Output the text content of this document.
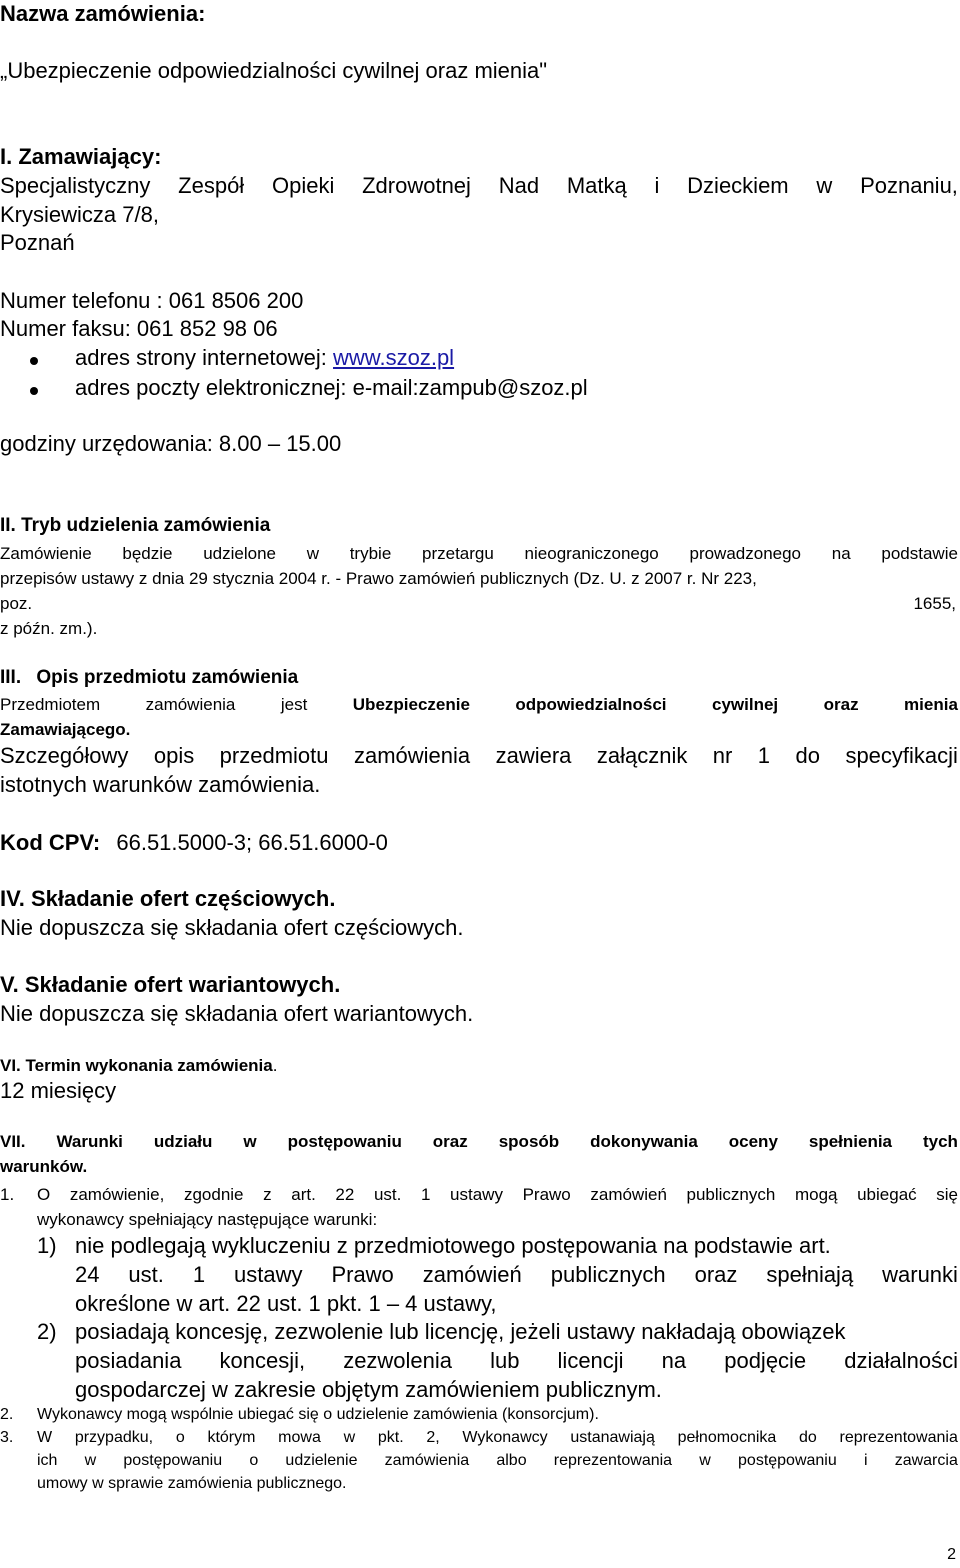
Nazwa zamówienia:
„Ubezpieczenie odpowiedzialności cywilnej oraz mienia"
I. Zamawiający:
Specjalistyczny Zespół Opieki Zdrowotnej Nad Matką i Dzieckiem w Poznaniu,
Krysiewicza 7/8,
Poznań
Numer telefonu : 061 8506 200
Numer faksu: 061 852 98 06
adres strony internetowej: www.szoz.pl
adres poczty elektronicznej: e-mail:zampub@szoz.pl
godziny urzędowania: 8.00 – 15.00
II. Tryb udzielenia zamówienia
Zamówienie będzie udzielone w trybie przetargu nieograniczonego prowadzonego na podstawie
przepisów ustawy z dnia 29 stycznia 2004 r. - Prawo zamówień publicznych (Dz. U. z 2007 r. Nr 223,
poz.	1655,
z późn. zm.).
III. Opis przedmiotu zamówienia
Przedmiotem	zamówienia	jest	Ubezpieczenie	odpowiedzialności	cywilnej	oraz	mienia
Zamawiającego.
Szczegółowy opis przedmiotu zamówienia zawiera załącznik nr 1 do specyfikacji
istotnych warunków zamówienia.
Kod CPV: 66.51.5000-3; 66.51.6000-0
IV. Składanie ofert częściowych.
Nie dopuszcza się składania ofert częściowych.
V. Składanie ofert wariantowych.
Nie dopuszcza się składania ofert wariantowych.
VI. Termin wykonania zamówienia.
12 miesięcy
VII. Warunki udziału w postępowaniu oraz sposób dokonywania oceny spełnienia tych
warunków.
1. O zamówienie, zgodnie z art. 22 ust. 1 ustawy Prawo zamówień publicznych mogą ubiegać się
wykonawcy spełniający następujące warunki:
1) nie podlegają wykluczeniu z przedmiotowego postępowania na podstawie art.
24 ust. 1 ustawy Prawo zamówień publicznych oraz spełniają warunki
określone w art. 22 ust. 1 pkt. 1 – 4 ustawy,
2) posiadają koncesję, zezwolenie lub licencję, jeżeli ustawy nakładają obowiązek
posiadania koncesji, zezwolenia lub licencji na podjęcie działalności
gospodarczej w zakresie objętym zamówieniem publicznym.
2. Wykonawcy mogą wspólnie ubiegać się o udzielenie zamówienia (konsorcjum).
3. W przypadku, o którym mowa w pkt. 2, Wykonawcy ustanawiają pełnomocnika do reprezentowania
ich w postępowaniu o udzielenie zamówienia albo reprezentowania w postępowaniu i zawarcia
umowy w sprawie zamówienia publicznego.
2
